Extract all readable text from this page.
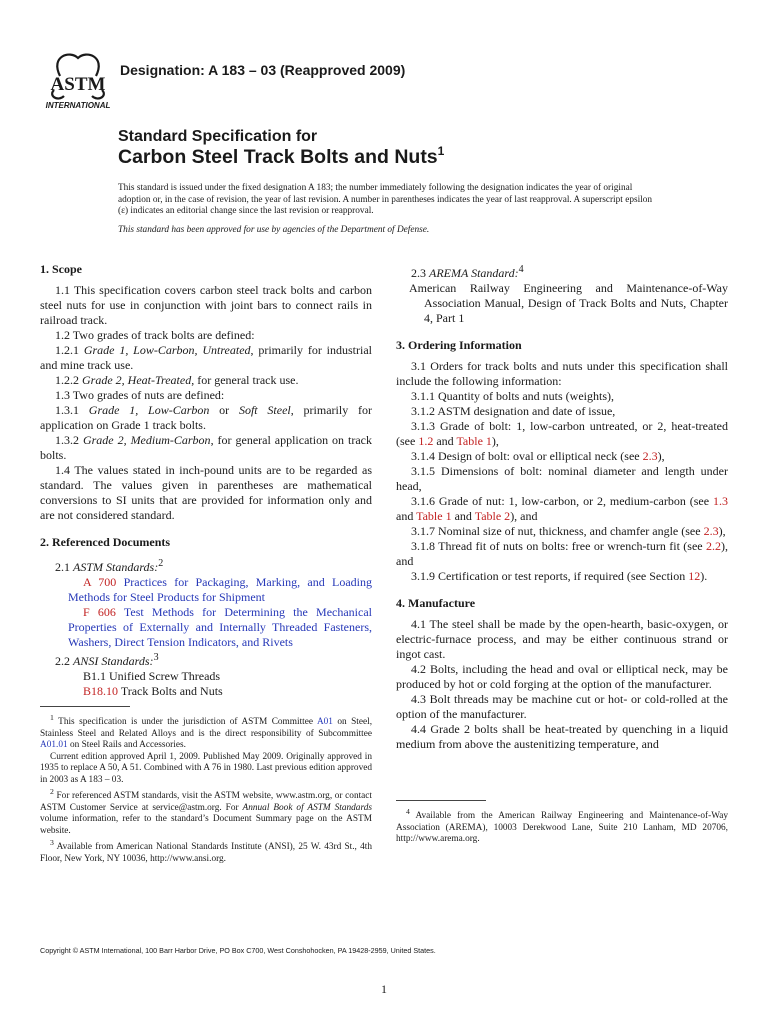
ASTM
INTERNATIONAL
Designation: A 183 – 03 (Reapproved 2009)
Standard Specification for
Carbon Steel Track Bolts and Nuts$^1$

This standard is issued under the fixed designation A 183; the number immediately following the designation indicates the year of original adoption or, in the case of revision, the year of last revision. A number in parentheses indicates the year of last reapproval. A superscript epsilon (ε) indicates an editorial change since the last revision or reapproval.

This standard has been approved for use by agencies of the Department of Defense.

1. Scope

1.1 This specification covers carbon steel track bolts and carbon steel nuts for use in conjunction with joint bars to connect rails in railroad track.

1.2 Two grades of track bolts are defined:

1.2.1 Grade 1, Low-Carbon, Untreated, primarily for industrial and mine track use.

1.2.2 Grade 2, Heat-Treated, for general track use.

1.3 Two grades of nuts are defined:

1.3.1 Grade 1, Low-Carbon or Soft Steel, primarily for application on Grade 1 track bolts.

1.3.2 Grade 2, Medium-Carbon, for general application on track bolts.

1.4 The values stated in inch-pound units are to be regarded as standard. The values given in parentheses are mathematical conversions to SI units that are provided for information only and are not considered standard.

2. Referenced Documents

2.1 ASTM Standards:$^2$

A 700 Practices for Packaging, Marking, and Loading Methods for Steel Products for Shipment

F 606 Test Methods for Determining the Mechanical Properties of Externally and Internally Threaded Fasteners, Washers, Direct Tension Indicators, and Rivets

2.2 ANSI Standards:$^3$

B1.1 Unified Screw Threads

B18.10 Track Bolts and Nuts

$^1$ This specification is under the jurisdiction of ASTM Committee A01 on Steel, Stainless Steel and Related Alloys and is the direct responsibility of Subcommittee A01.01 on Steel Rails and Accessories.

Current edition approved April 1, 2009. Published May 2009. Originally approved in 1935 to replace A 50, A 51. Combined with A 76 in 1980. Last previous edition approved in 2003 as A 183 – 03.

$^2$ For referenced ASTM standards, visit the ASTM website, www.astm.org, or contact ASTM Customer Service at service@astm.org. For Annual Book of ASTM Standards volume information, refer to the standard’s Document Summary page on the ASTM website.

$^3$ Available from American National Standards Institute (ANSI), 25 W. 43rd St., 4th Floor, New York, NY 10036, http://www.ansi.org.

2.3 AREMA Standard:$^4$

American Railway Engineering and Maintenance-of-Way Association Manual, Design of Track Bolts and Nuts, Chapter 4, Part 1

3. Ordering Information

3.1 Orders for track bolts and nuts under this specification shall include the following information:

3.1.1 Quantity of bolts and nuts (weights),

3.1.2 ASTM designation and date of issue,

3.1.3 Grade of bolt: 1, low-carbon untreated, or 2, heat-treated (see 1.2 and Table 1),

3.1.4 Design of bolt: oval or elliptical neck (see 2.3),

3.1.5 Dimensions of bolt: nominal diameter and length under head,

3.1.6 Grade of nut: 1, low-carbon, or 2, medium-carbon (see 1.3 and Table 1 and Table 2), and

3.1.7 Nominal size of nut, thickness, and chamfer angle (see 2.3),

3.1.8 Thread fit of nuts on bolts: free or wrench-turn fit (see 2.2), and

3.1.9 Certification or test reports, if required (see Section 12).

4. Manufacture

4.1 The steel shall be made by the open-hearth, basic-oxygen, or electric-furnace process, and may be either continuous strand or ingot cast.

4.2 Bolts, including the head and oval or elliptical neck, may be produced by hot or cold forging at the option of the manufacturer.

4.3 Bolt threads may be machine cut or hot- or cold-rolled at the option of the manufacturer.

4.4 Grade 2 bolts shall be heat-treated by quenching in a liquid medium from above the austenitizing temperature, and

$^4$ Available from the American Railway Engineering and Maintenance-of-Way Association (AREMA), 10003 Derekwood Lane, Suite 210 Lanham, MD 20706, http://www.arema.org.

Copyright © ASTM International, 100 Barr Harbor Drive, PO Box C700, West Conshohocken, PA 19428-2959, United States.
1
